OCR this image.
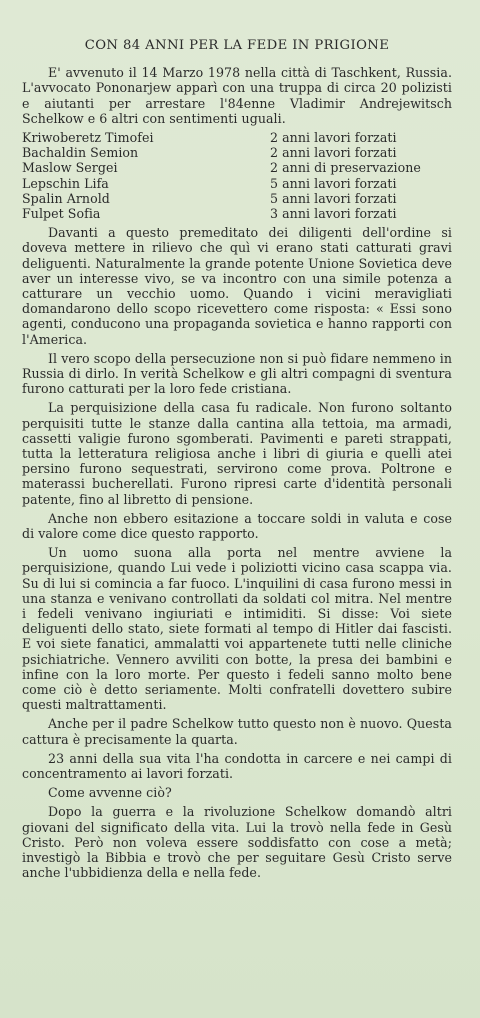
CON 84 ANNI PER LA FEDE IN PRIGIONE

E' avvenuto il 14 Marzo 1978 nella città di Taschkent, Russia. L'avvocato Pononarjew apparì con una truppa di circa 20 polizisti e aiutanti per arrestare l'84enne Vladimir Andrejewitsch Schelkow e 6 altri con sentimenti uguali.

Kriwoberetz Timofei	2 anni lavori forzati
Bachaldin Semion	2 anni lavori forzati
Maslow Sergei	2 anni di preservazione
Lepschin Lifa	5 anni lavori forzati
Spalin Arnold	5 anni lavori forzati
Fulpet Sofia	3 anni lavori forzati

Davanti a questo premeditato dei diligenti dell'ordine si doveva mettere in rilievo che quì vi erano stati catturati gravi deliguenti. Naturalmente la grande potente Unione Sovietica deve aver un interesse vivo, se va incontro con una simile potenza a catturare un vecchio uomo. Quando i vicini meravigliati domandarono dello scopo ricevettero come risposta: « Essi sono agenti, conducono una propaganda sovietica e hanno rapporti con l'America.

Il vero scopo della persecuzione non si può fidare nemmeno in Russia di dirlo. In verità Schelkow e gli altri compagni di sventura furono catturati per la loro fede cristiana.

La perquisizione della casa fu radicale. Non furono soltanto perquisiti tutte le stanze dalla cantina alla tettoia, ma armadi, cassetti valigie furono sgomberati. Pavimenti e pareti strappati, tutta la letteratura religiosa anche i libri di giuria e quelli atei persino furono sequestrati, servirono come prova. Poltrone e materassi bucherellati. Furono ripresi carte d'identità personali patente, fino al libretto di pensione.

Anche non ebbero esitazione a toccare soldi in valuta e cose di valore come dice questo rapporto.

Un uomo suona alla porta nel mentre avviene la perquisizione, quando Lui vede i poliziotti vicino casa scappa via. Su di lui si comincia a far fuoco. L'inquilini di casa furono messi in una stanza e venivano controllati da soldati col mitra. Nel mentre i fedeli venivano ingiuriati e intimiditi. Si disse: Voi siete deliguenti dello stato, siete formati al tempo di Hitler dai fascisti. E voi siete fanatici, ammalatti voi appartenete tutti nelle cliniche psichiatriche. Vennero avviliti con botte, la presa dei bambini e infine con la loro morte. Per questo i fedeli sanno molto bene come ciò è detto seriamente. Molti confratelli dovettero subire questi maltrattamenti.

Anche per il padre Schelkow tutto questo non è nuovo. Questa cattura è precisamente la quarta.

23 anni della sua vita l'ha condotta in carcere e nei campi di concentramento ai lavori forzati.

Come avvenne ciò?

Dopo la guerra e la rivoluzione Schelkow domandò altri giovani del significato della vita. Lui la trovò nella fede in Gesù Cristo. Però non voleva essere soddisfatto con cose a metà; investigò la Bibbia e trovò che per seguitare Gesù Cristo serve anche l'ubbidienza della e nella fede.
